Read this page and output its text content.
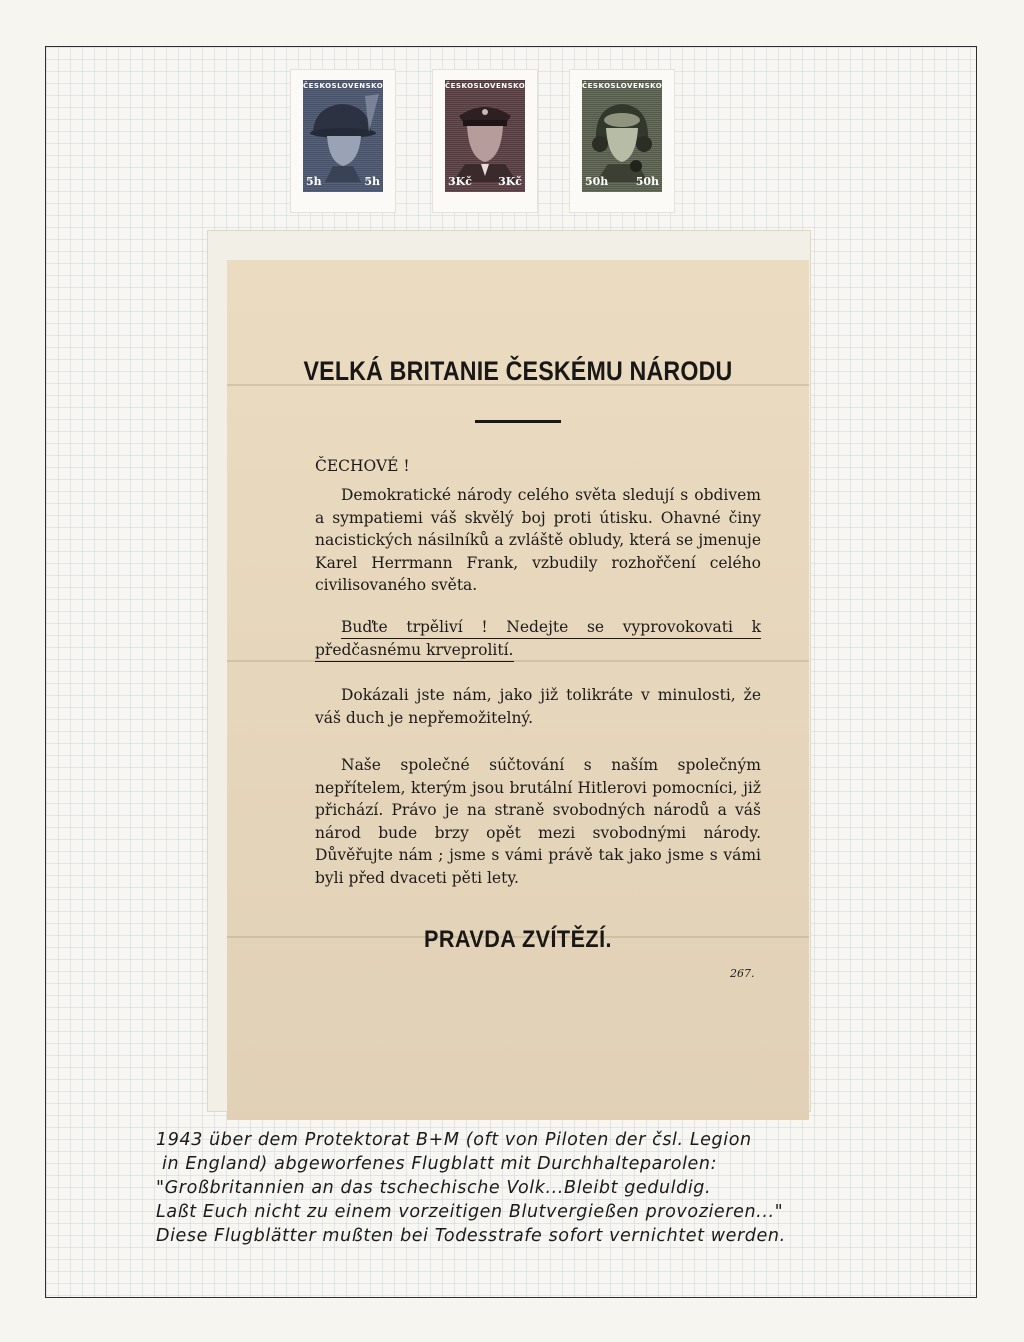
ČESKOSLOVENSKO
5h	5h
ČESKOSLOVENSKO
3Kč 3Kč
ČESKOSLOVENSKO
50h 50h
VELKÁ BRITANIE ČESKÉMU NÁRODU
ČECHOVÉ !
Demokratické národy celého světa sledují s obdivem a sympatiemi váš skvělý boj proti útisku. Ohavné činy nacistických násilníků a zvláště obludy, která se jmenuje Karel Herrmann Frank, vzbudily rozhořčení celého civilisovaného světa.
Buďte trpěliví ! Nedejte se vyprovokovati k předčasnému krveprolití.
Dokázali jste nám, jako již tolikráte v minulosti, že váš duch je nepřemožitelný.
Naše společné súčtování s naším společným nepřítelem, kterým jsou brutální Hitlerovi pomocníci, již přichází. Právo je na straně svobodných národů a váš národ bude brzy opět mezi svobodnými národy. Důvěřujte nám ; jsme s vámi právě tak jako jsme s vámi byli před dvaceti pěti lety.
PRAVDA ZVÍTĚZÍ.
267.
1943 über dem Protektorat B+M (oft von Piloten der čsl. Legion
in England) abgeworfenes Flugblatt mit Durchhalteparolen:
"Großbritannien an das tschechische Volk...Bleibt geduldig.
Laßt Euch nicht zu einem vorzeitigen Blutvergießen provozieren..."
Diese Flugblätter mußten bei Todesstrafe sofort vernichtet werden.
